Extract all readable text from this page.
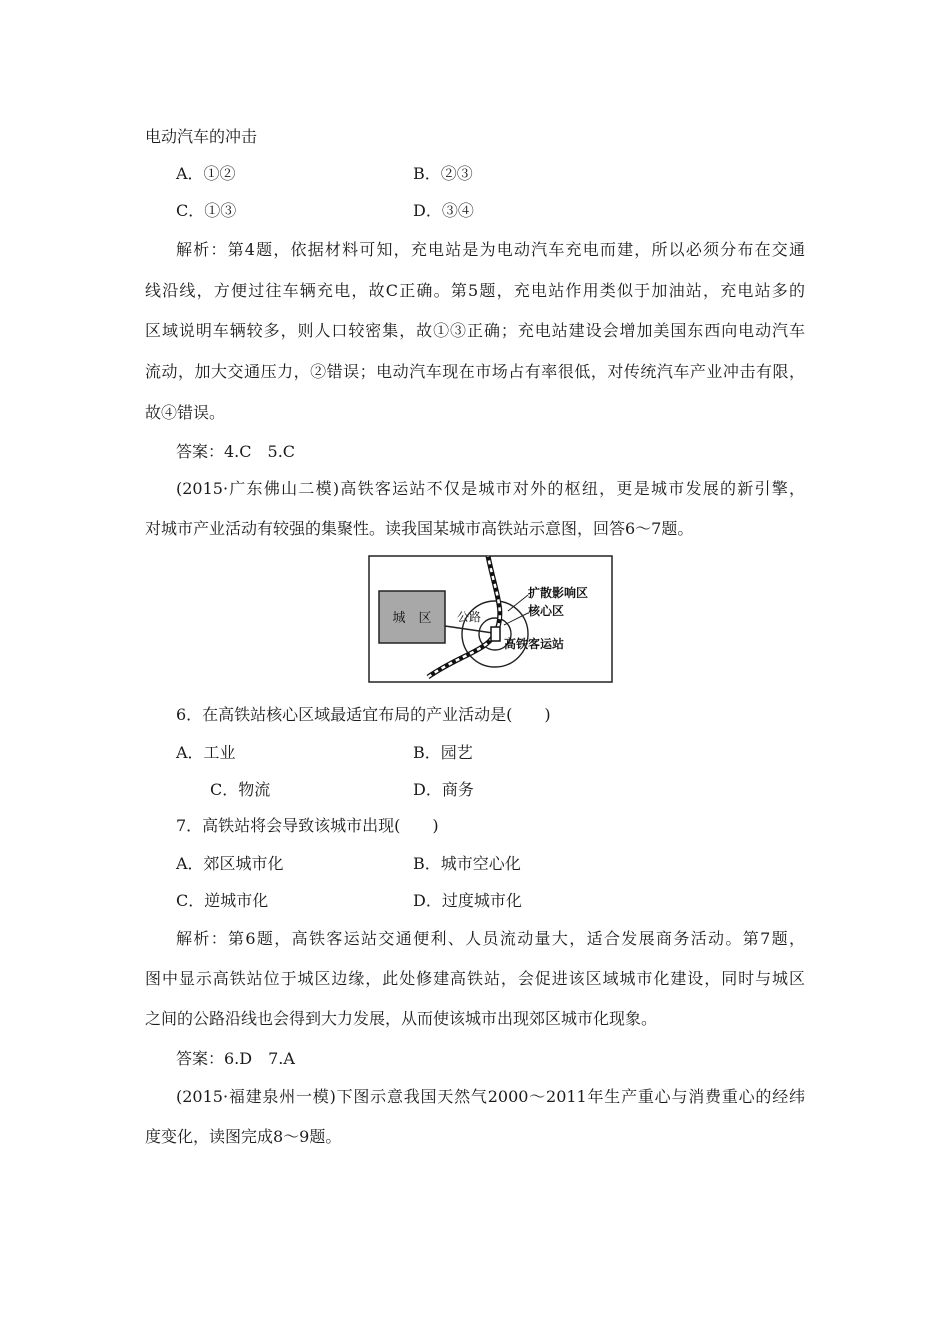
电动汽车的冲击
A．①②	B．②③
C．①③	D．③④
解析：第4题，依据材料可知，充电站是为电动汽车充电而建，所以必须分布在交通
线沿线，方便过往车辆充电，故C正确。第5题，充电站作用类似于加油站，充电站多的
区域说明车辆较多，则人口较密集，故①③正确；充电站建设会增加美国东西向电动汽车
流动，加大交通压力，②错误；电动汽车现在市场占有率很低，对传统汽车产业冲击有限，
故④错误。
答案：4.C　5.C
(2015·广东佛山二模)高铁客运站不仅是城市对外的枢纽，更是城市发展的新引擎，
对城市产业活动有较强的集聚性。读我国某城市高铁站示意图，回答6～7题。
城　区 公路
扩散影响区
核心区
高铁客运站
6．在高铁站核心区域最适宜布局的产业活动是(　　)
A．工业	B．园艺
C．物流	D．商务
7．高铁站将会导致该城市出现(　　)
A．郊区城市化	B．城市空心化
C．逆城市化	D．过度城市化
解析：第6题，高铁客运站交通便利、人员流动量大，适合发展商务活动。第7题，
图中显示高铁站位于城区边缘，此处修建高铁站，会促进该区域城市化建设，同时与城区
之间的公路沿线也会得到大力发展，从而使该城市出现郊区城市化现象。
答案：6.D　7.A
(2015·福建泉州一模)下图示意我国天然气2000～2011年生产重心与消费重心的经纬
度变化，读图完成8～9题。
